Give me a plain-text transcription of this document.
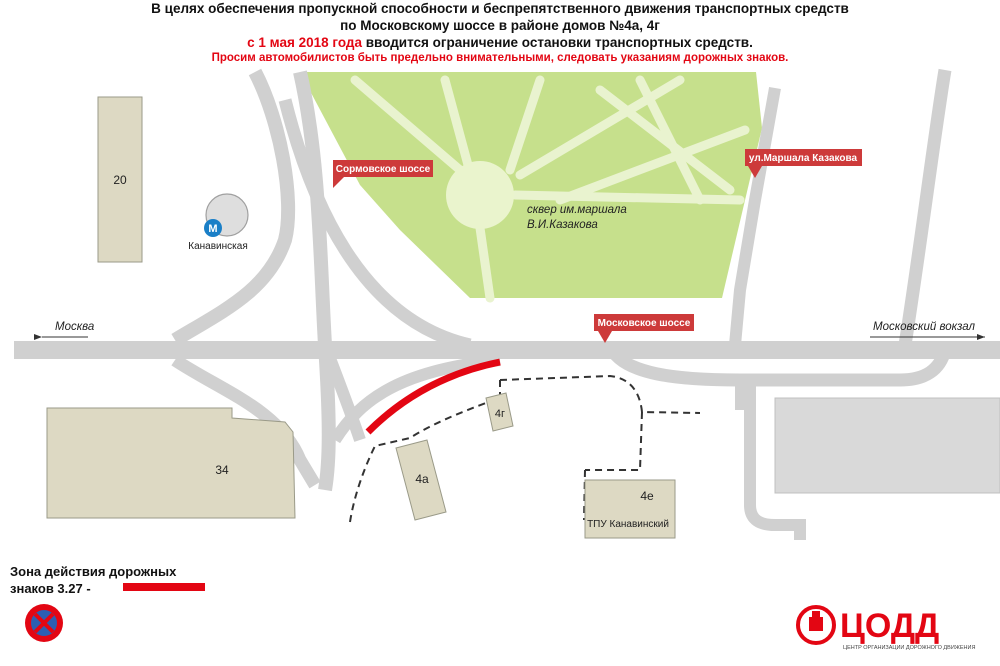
В целях обеспечения пропускной способности и беспрепятственного движения транспортных средств
по Московскому шоссе в районе домов №4а, 4г
с 1 мая 2018 года вводится ограничение остановки транспортных средств.
Просим автомобилистов быть предельно внимательными, следовать указаниям дорожных знаков.
20
34
4а
4г
4е
ТПУ Канавинский
М
Канавинская
сквер им.маршала
В.И.Казакова
Москва	Московский вокзал
Сормовское шоссе
ул.Маршала Казакова
Московское шоссе
ЦОДД
ЦЕНТР ОРГАНИЗАЦИИ ДОРОЖНОГО ДВИЖЕНИЯ
Зона действия дорожных
знаков 3.27 -
